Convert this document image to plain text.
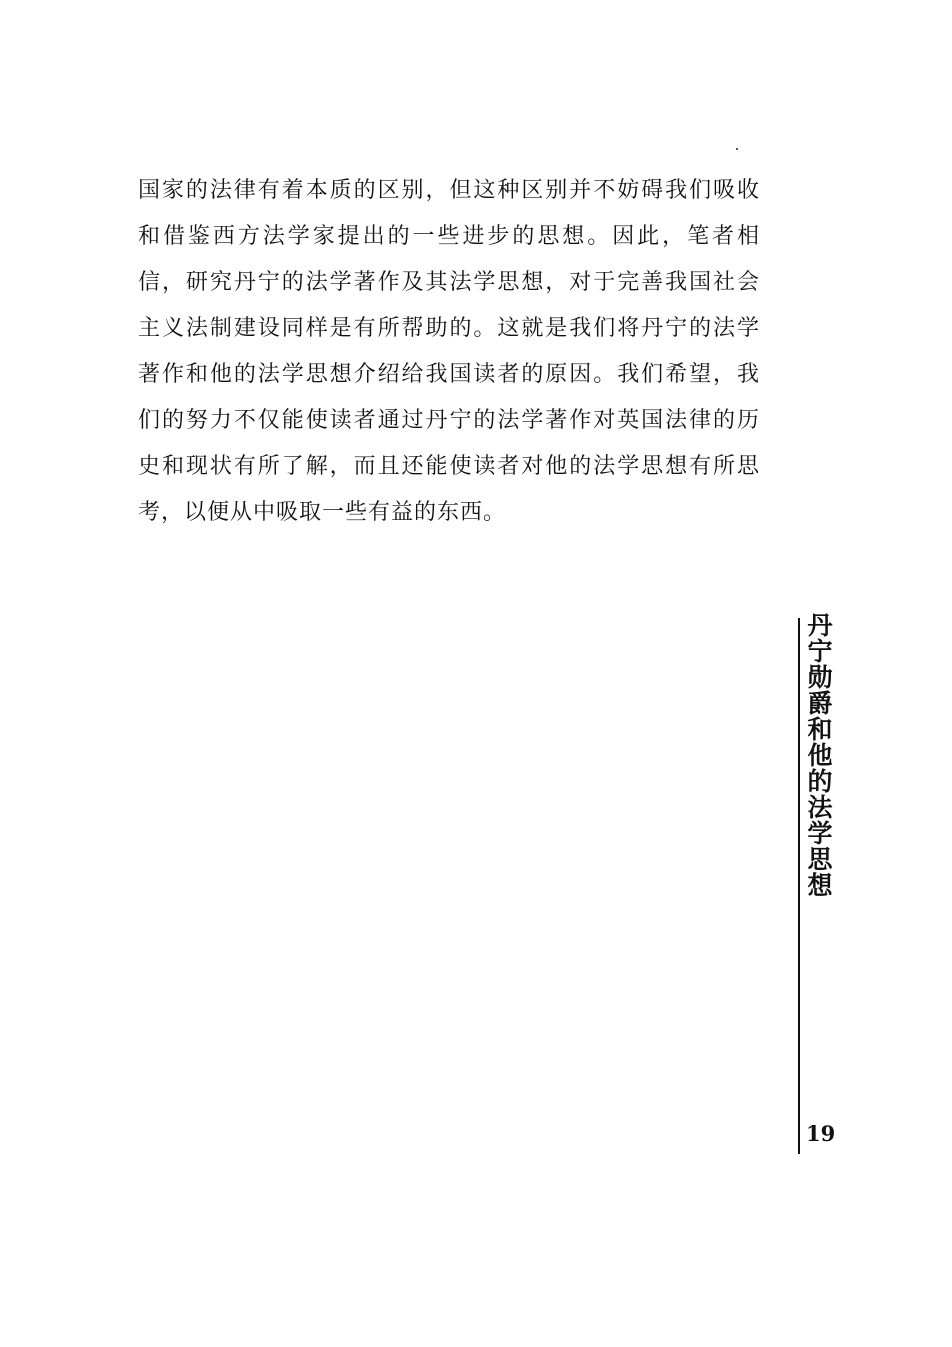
国家的法律有着本质的区别，但这种区别并不妨碍我们吸收
和借鉴西方法学家提出的一些进步的思想。因此，笔者相
信，研究丹宁的法学著作及其法学思想，对于完善我国社会
主义法制建设同样是有所帮助的。这就是我们将丹宁的法学
著作和他的法学思想介绍给我国读者的原因。我们希望，我
们的努力不仅能使读者通过丹宁的法学著作对英国法律的历
史和现状有所了解，而且还能使读者对他的法学思想有所思
考，以便从中吸取一些有益的东西。
丹宁勋爵和他的法学思想
19
